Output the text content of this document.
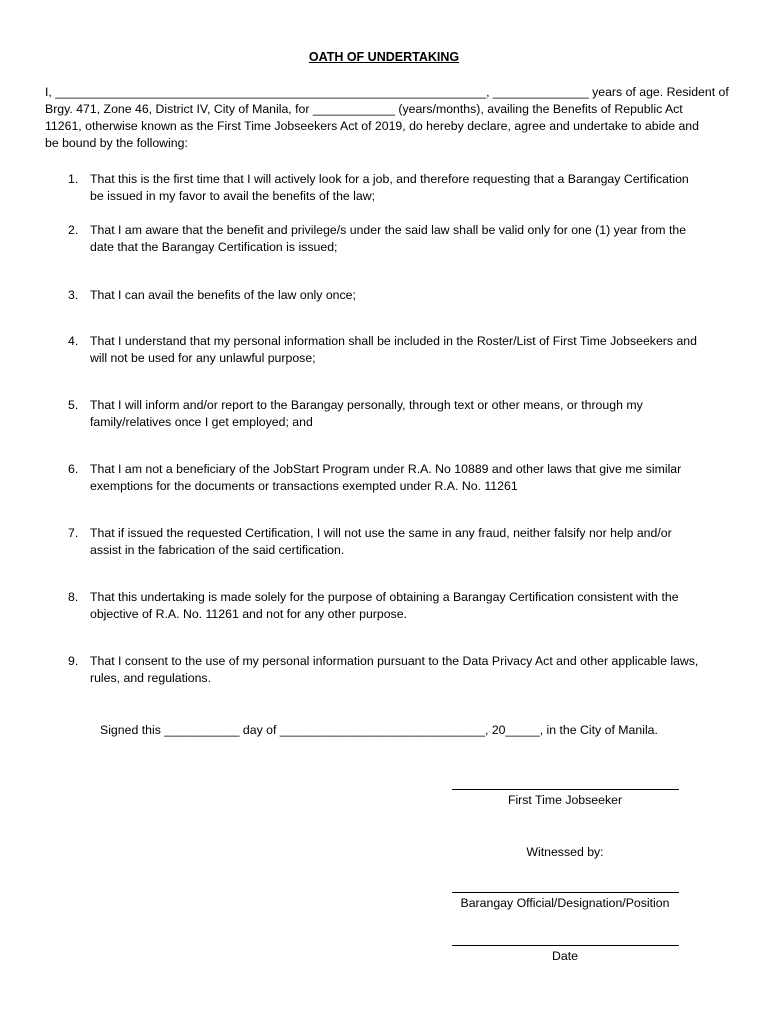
OATH OF UNDERTAKING
I, _______________________________________________________________, ______________ years of age. Resident of
Brgy. 471, Zone 46, District IV, City of Manila, for ____________ (years/months), availing the Benefits of Republic Act
11261, otherwise known as the First Time Jobseekers Act of 2019, do hereby declare, agree and undertake to abide and
be bound by the following:
1. That this is the first time that I will actively look for a job, and therefore requesting that a Barangay Certification
be issued in my favor to avail the benefits of the law;
2. That I am aware that the benefit and privilege/s under the said law shall be valid only for one (1) year from the
date that the Barangay Certification is issued;
3. That I can avail the benefits of the law only once;
4. That I understand that my personal information shall be included in the Roster/List of First Time Jobseekers and
will not be used for any unlawful purpose;
5. That I will inform and/or report to the Barangay personally, through text or other means, or through my
family/relatives once I get employed; and
6. That I am not a beneficiary of the JobStart Program under R.A. No 10889 and other laws that give me similar
exemptions for the documents or transactions exempted under R.A. No. 11261
7. That if issued the requested Certification, I will not use the same in any fraud, neither falsify nor help and/or
assist in the fabrication of the said certification.
8. That this undertaking is made solely for the purpose of obtaining a Barangay Certification consistent with the
objective of R.A. No. 11261 and not for any other purpose.
9. That I consent to the use of my personal information pursuant to the Data Privacy Act and other applicable laws,
rules, and regulations.
Signed this ___________ day of ______________________________, 20_____, in the City of Manila.
First Time Jobseeker
Witnessed by:
Barangay Official/Designation/Position
Date
